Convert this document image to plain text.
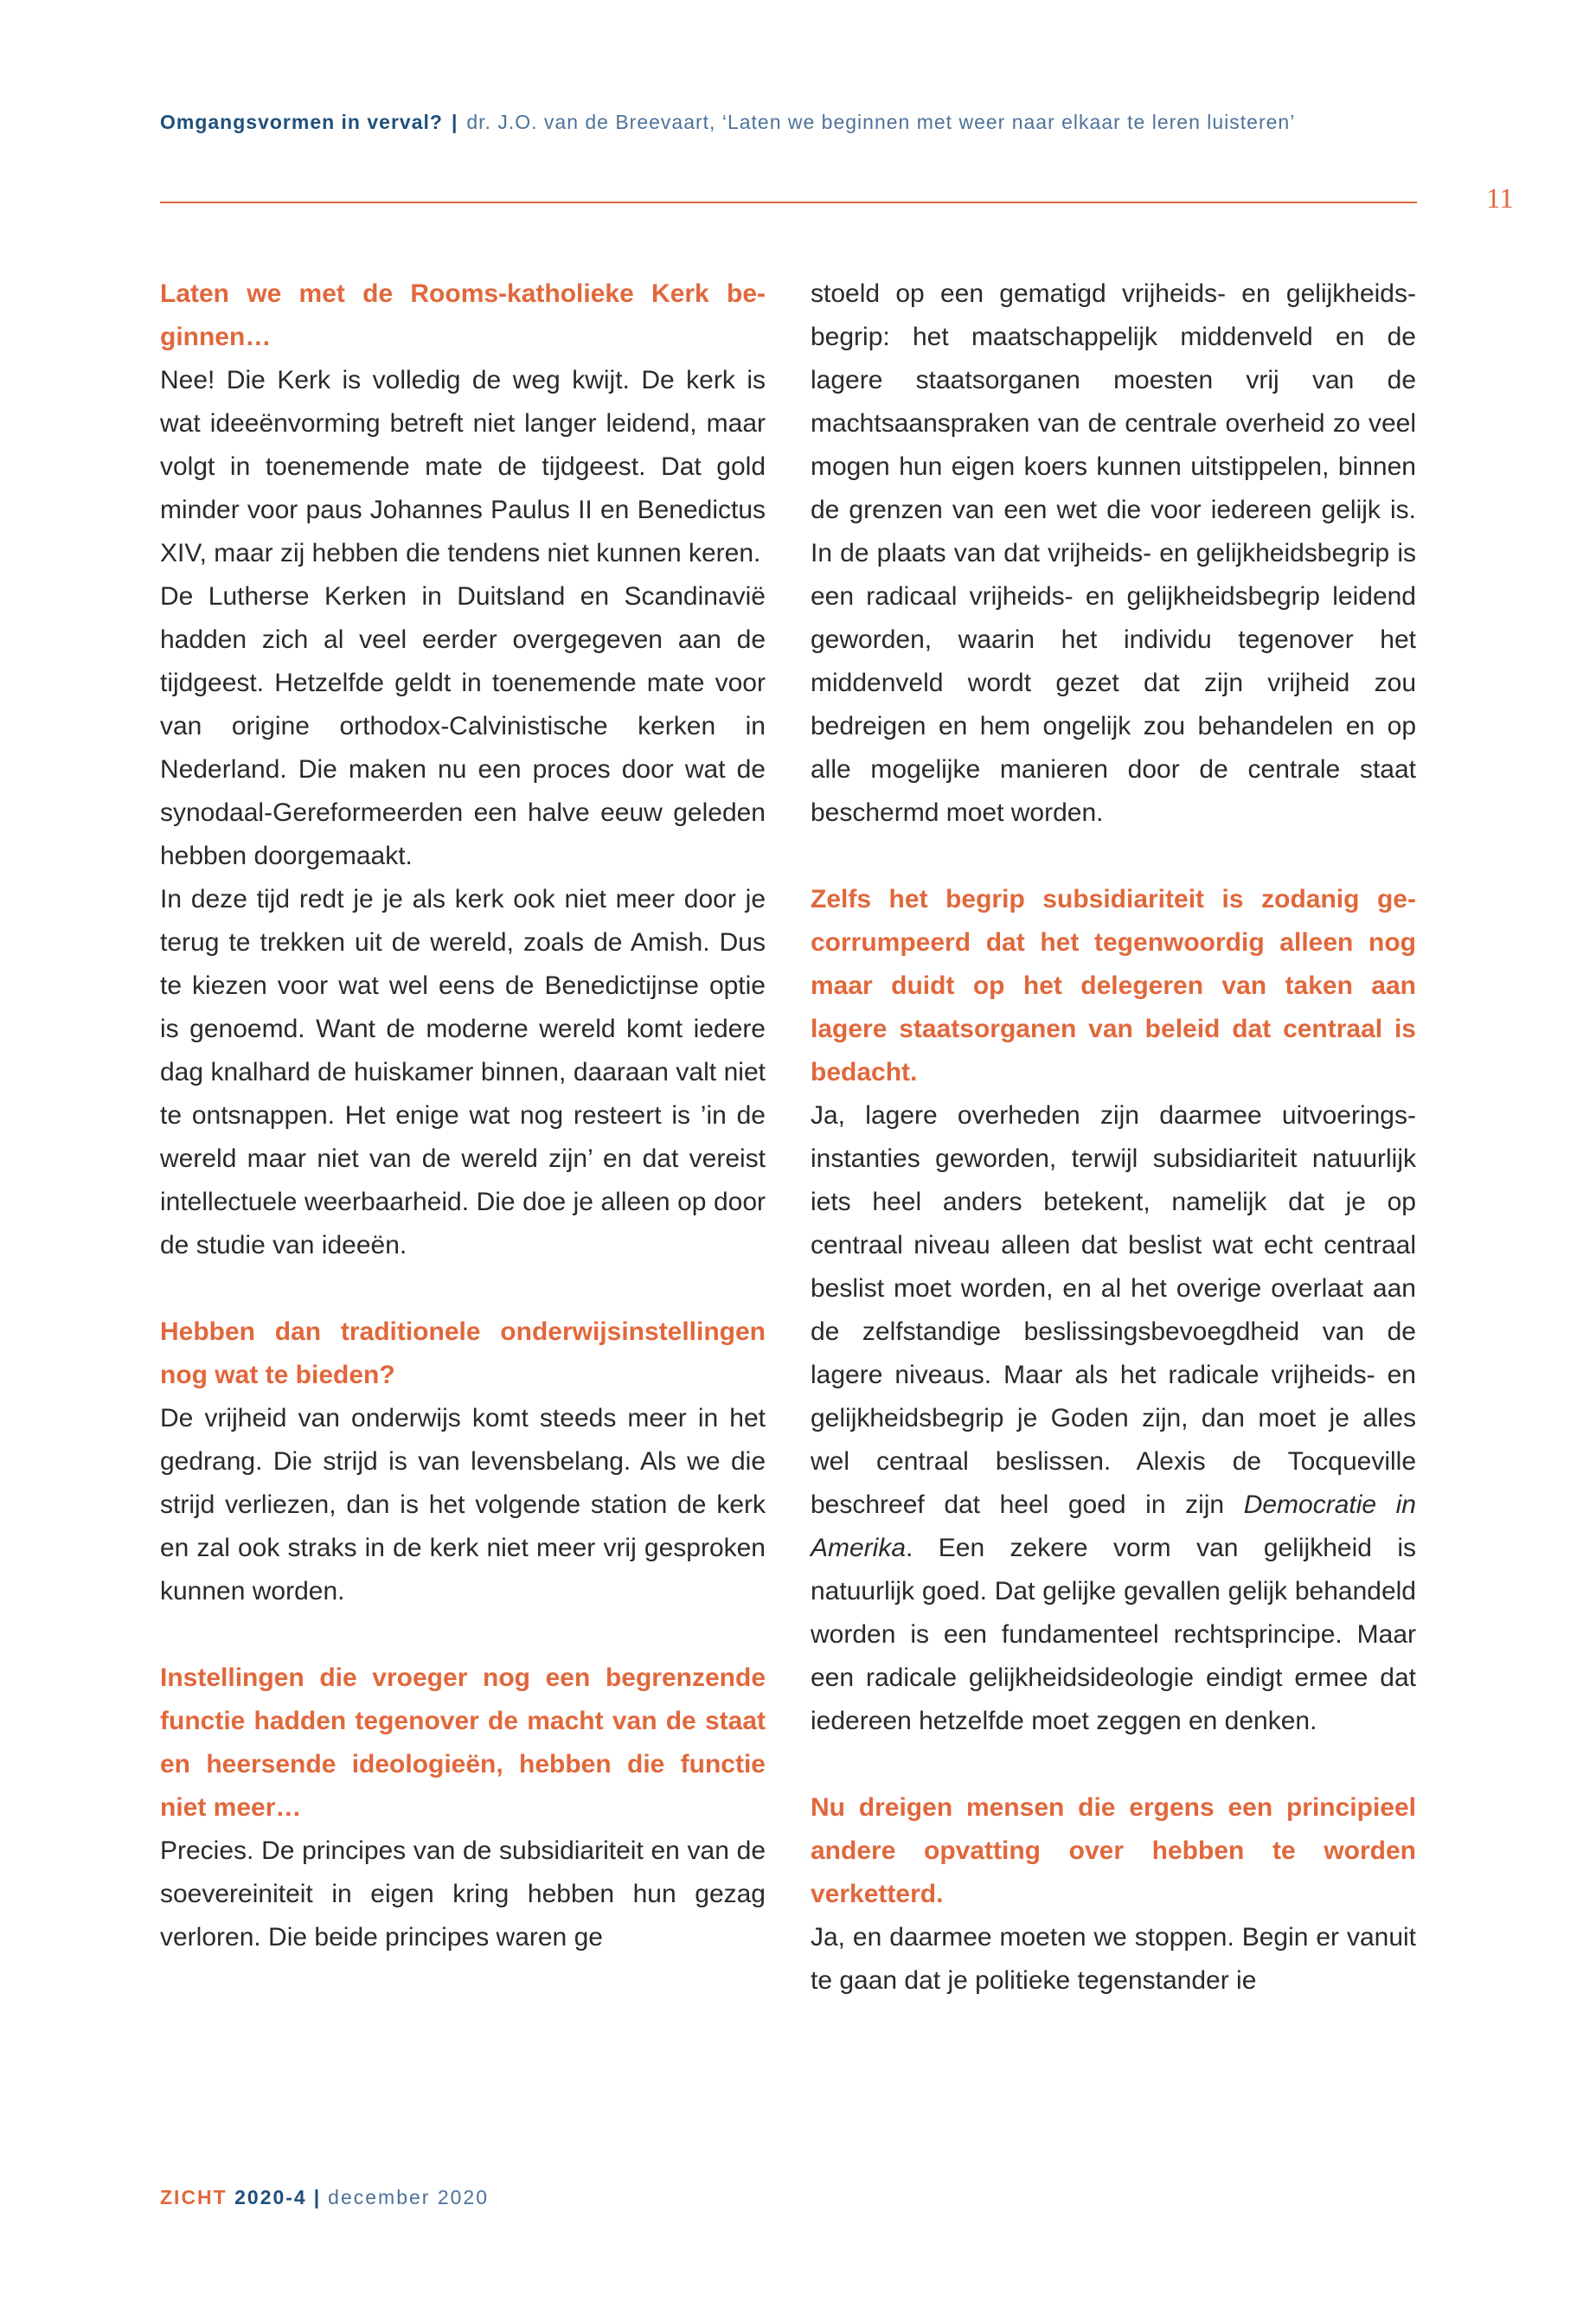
Omgangsvormen in verval? | dr. J.O. van de Breevaart, ‘Laten we beginnen met weer naar elkaar te leren luisteren’
11

Laten we met de Rooms-katholieke Kerk beginnen…

Nee! Die Kerk is volledig de weg kwijt. De kerk is wat ideeënvorming betreft niet langer leidend, maar volgt in toenemende mate de tijdgeest. Dat gold minder voor paus Johannes Paulus II en Benedictus XIV, maar zij hebben die tendens niet kunnen keren.

De Lutherse Kerken in Duitsland en Scandinavië hadden zich al veel eerder overgegeven aan de tijdgeest. Hetzelfde geldt in toenemende mate voor van origine orthodox-Calvinistische kerken in Nederland. Die maken nu een proces door wat de synodaal-Gereformeerden een halve eeuw geleden hebben doorgemaakt.

In deze tijd redt je je als kerk ook niet meer door je terug te trekken uit de wereld, zoals de Amish. Dus te kiezen voor wat wel eens de Benedictijnse optie is genoemd. Want de moderne wereld komt iedere dag knalhard de huiskamer binnen, daaraan valt niet te ontsnappen. Het enige wat nog resteert is ’in de wereld maar niet van de wereld zijn’ en dat vereist intellectuele weerbaarheid. Die doe je alleen op door de studie van ideeën.

Hebben dan traditionele onderwijsinstellingen nog wat te bieden?

De vrijheid van onderwijs komt steeds meer in het gedrang. Die strijd is van levensbelang. Als we die strijd verliezen, dan is het volgende station de kerk en zal ook straks in de kerk niet meer vrij gesproken kunnen worden.

Instellingen die vroeger nog een begrenzende functie hadden tegenover de macht van de staat en heersende ideologieën, hebben die functie niet meer…

Precies. De principes van de subsidiariteit en van de soevereiniteit in eigen kring hebben hun gezag verloren. Die beide principes waren ge

stoeld op een gematigd vrijheids- en gelijkheidsbegrip: het maatschappelijk middenveld en de lagere staatsorganen moesten vrij van de machtsaanspraken van de centrale overheid zo veel mogen hun eigen koers kunnen uitstippelen, binnen de grenzen van een wet die voor iedereen gelijk is. In de plaats van dat vrijheids- en gelijkheidsbegrip is een radicaal vrijheids- en gelijkheidsbegrip leidend geworden, waarin het individu tegenover het middenveld wordt gezet dat zijn vrijheid zou bedreigen en hem ongelijk zou behandelen en op alle mogelijke manieren door de centrale staat beschermd moet worden.

Zelfs het begrip subsidiariteit is zodanig gecorrumpeerd dat het tegenwoordig alleen nog maar duidt op het delegeren van taken aan lagere staatsorganen van beleid dat centraal is bedacht.

Ja, lagere overheden zijn daarmee uitvoeringsinstanties geworden, terwijl subsidiariteit natuurlijk iets heel anders betekent, namelijk dat je op centraal niveau alleen dat beslist wat echt centraal beslist moet worden, en al het overige overlaat aan de zelfstandige beslissingsbevoegdheid van de lagere niveaus. Maar als het radicale vrijheids- en gelijkheidsbegrip je Goden zijn, dan moet je alles wel centraal beslissen. Alexis de Tocqueville beschreef dat heel goed in zijn Democratie in Amerika. Een zekere vorm van gelijkheid is natuurlijk goed. Dat gelijke gevallen gelijk behandeld worden is een fundamenteel rechtsprincipe. Maar een radicale gelijkheidsideologie eindigt ermee dat iedereen hetzelfde moet zeggen en denken.

Nu dreigen mensen die ergens een principieel andere opvatting over hebben te worden verketterd.

Ja, en daarmee moeten we stoppen. Begin er vanuit te gaan dat je politieke tegenstander ie

ZICHT 2020-4 | december 2020
